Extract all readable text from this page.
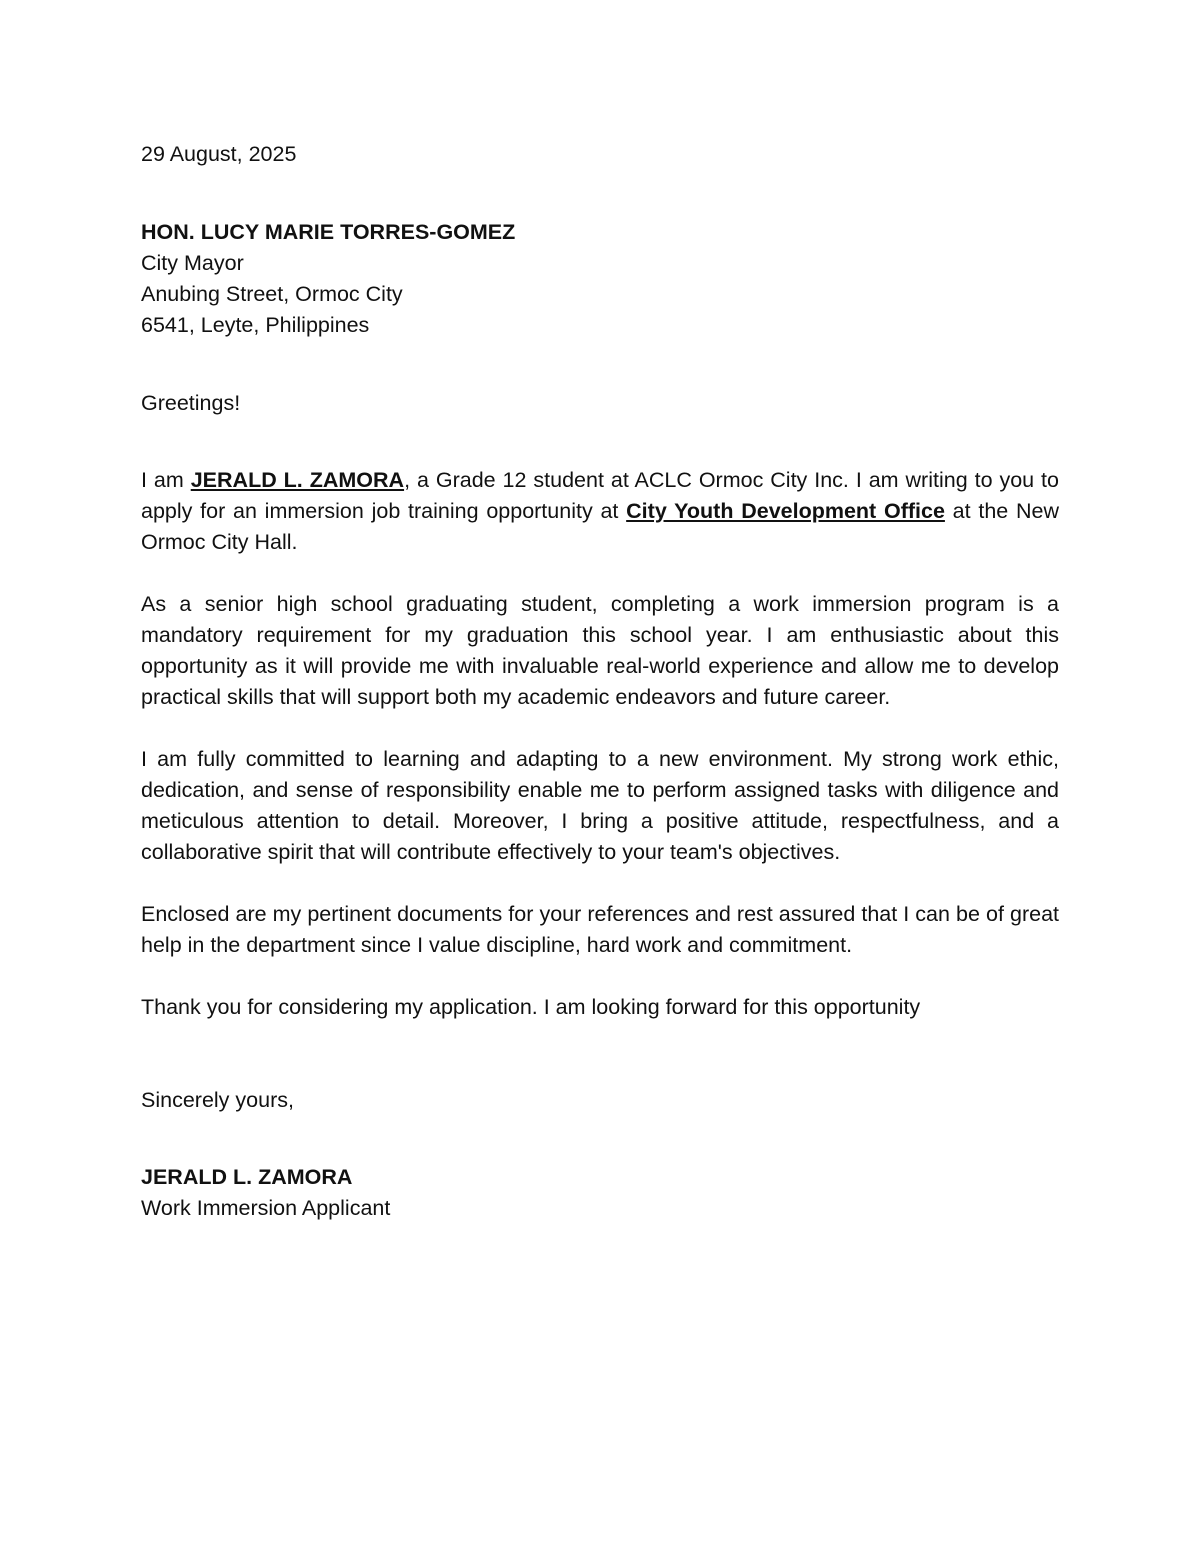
29 August, 2025

HON. LUCY MARIE TORRES-GOMEZ
City Mayor
Anubing Street, Ormoc City
6541, Leyte, Philippines

Greetings!

I am JERALD L. ZAMORA, a Grade 12 student at ACLC Ormoc City Inc. I am writing to you to apply for an immersion job training opportunity at City Youth Development Office at the New Ormoc City Hall.

As a senior high school graduating student, completing a work immersion program is a mandatory requirement for my graduation this school year. I am enthusiastic about this opportunity as it will provide me with invaluable real-world experience and allow me to develop practical skills that will support both my academic endeavors and future career.

I am fully committed to learning and adapting to a new environment. My strong work ethic, dedication, and sense of responsibility enable me to perform assigned tasks with diligence and meticulous attention to detail. Moreover, I bring a positive attitude, respectfulness, and a collaborative spirit that will contribute effectively to your team's objectives.

Enclosed are my pertinent documents for your references and rest assured that I can be of great help in the department since I value discipline, hard work and commitment.

Thank you for considering my application. I am looking forward for this opportunity

Sincerely yours,

JERALD L. ZAMORA
Work Immersion Applicant
